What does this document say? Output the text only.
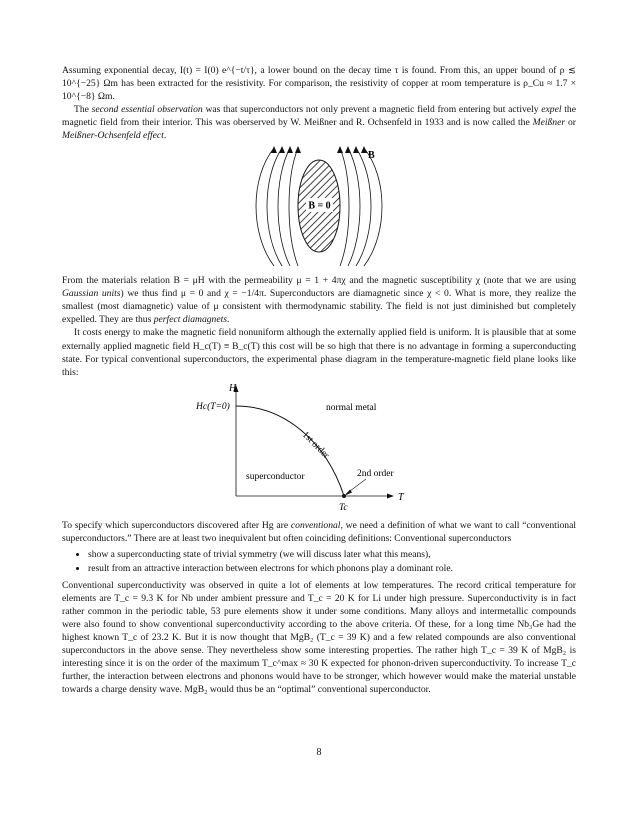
Assuming exponential decay, I(t) = I(0) e^{−t/τ}, a lower bound on the decay time τ is found. From this, an upper bound of ρ ≲ 10^{−25} Ωm has been extracted for the resistivity. For comparison, the resistivity of copper at room temperature is ρ_Cu ≈ 1.7 × 10^{−8} Ωm.

The second essential observation was that superconductors not only prevent a magnetic field from entering but actively expel the magnetic field from their interior. This was oberserved by W. Meißner and R. Ochsenfeld in 1933 and is now called the Meißner or Meißner-Ochsenfeld effect.

B = 0
B

From the materials relation B = μH with the permeability μ = 1 + 4πχ and the magnetic susceptibility χ (note that we are using Gaussian units) we thus find μ = 0 and χ = −1/4π. Superconductors are diamagnetic since χ < 0. What is more, they realize the smallest (most diamagnetic) value of μ consistent with thermodynamic stability. The field is not just diminished but completely expelled. They are thus perfect diamagnets.

It costs energy to make the magnetic field nonuniform although the externally applied field is uniform. It is plausible that at some externally applied magnetic field H_c(T) ≡ B_c(T) this cost will be so high that there is no advantage in forming a superconducting state. For typical conventional superconductors, the experimental phase diagram in the temperature-magnetic field plane looks like this:

H
T
Hc(T=0)
Tc
normal metal
superconductor
1st order
2nd order

To specify which superconductors discovered after Hg are conventional, we need a definition of what we want to call “conventional superconductors.” There are at least two inequivalent but often coinciding definitions: Conventional superconductors

• show a superconducting state of trivial symmetry (we will discuss later what this means),
• result from an attractive interaction between electrons for which phonons play a dominant role.

Conventional superconductivity was observed in quite a lot of elements at low temperatures. The record critical temperature for elements are T_c = 9.3 K for Nb under ambient pressure and T_c = 20 K for Li under high pressure. Superconductivity is in fact rather common in the periodic table, 53 pure elements show it under some conditions. Many alloys and intermetallic compounds were also found to show conventional superconductivity according to the above criteria. Of these, for a long time Nb₃Ge had the highest known T_c of 23.2 K. But it is now thought that MgB₂ (T_c = 39 K) and a few related compounds are also conventional superconductors in the above sense. They nevertheless show some interesting properties. The rather high T_c = 39 K of MgB₂ is interesting since it is on the order of the maximum T_c^max ≈ 30 K expected for phonon-driven superconductivity. To increase T_c further, the interaction between electrons and phonons would have to be stronger, which however would make the material unstable towards a charge density wave. MgB₂ would thus be an “optimal” conventional superconductor.

8
